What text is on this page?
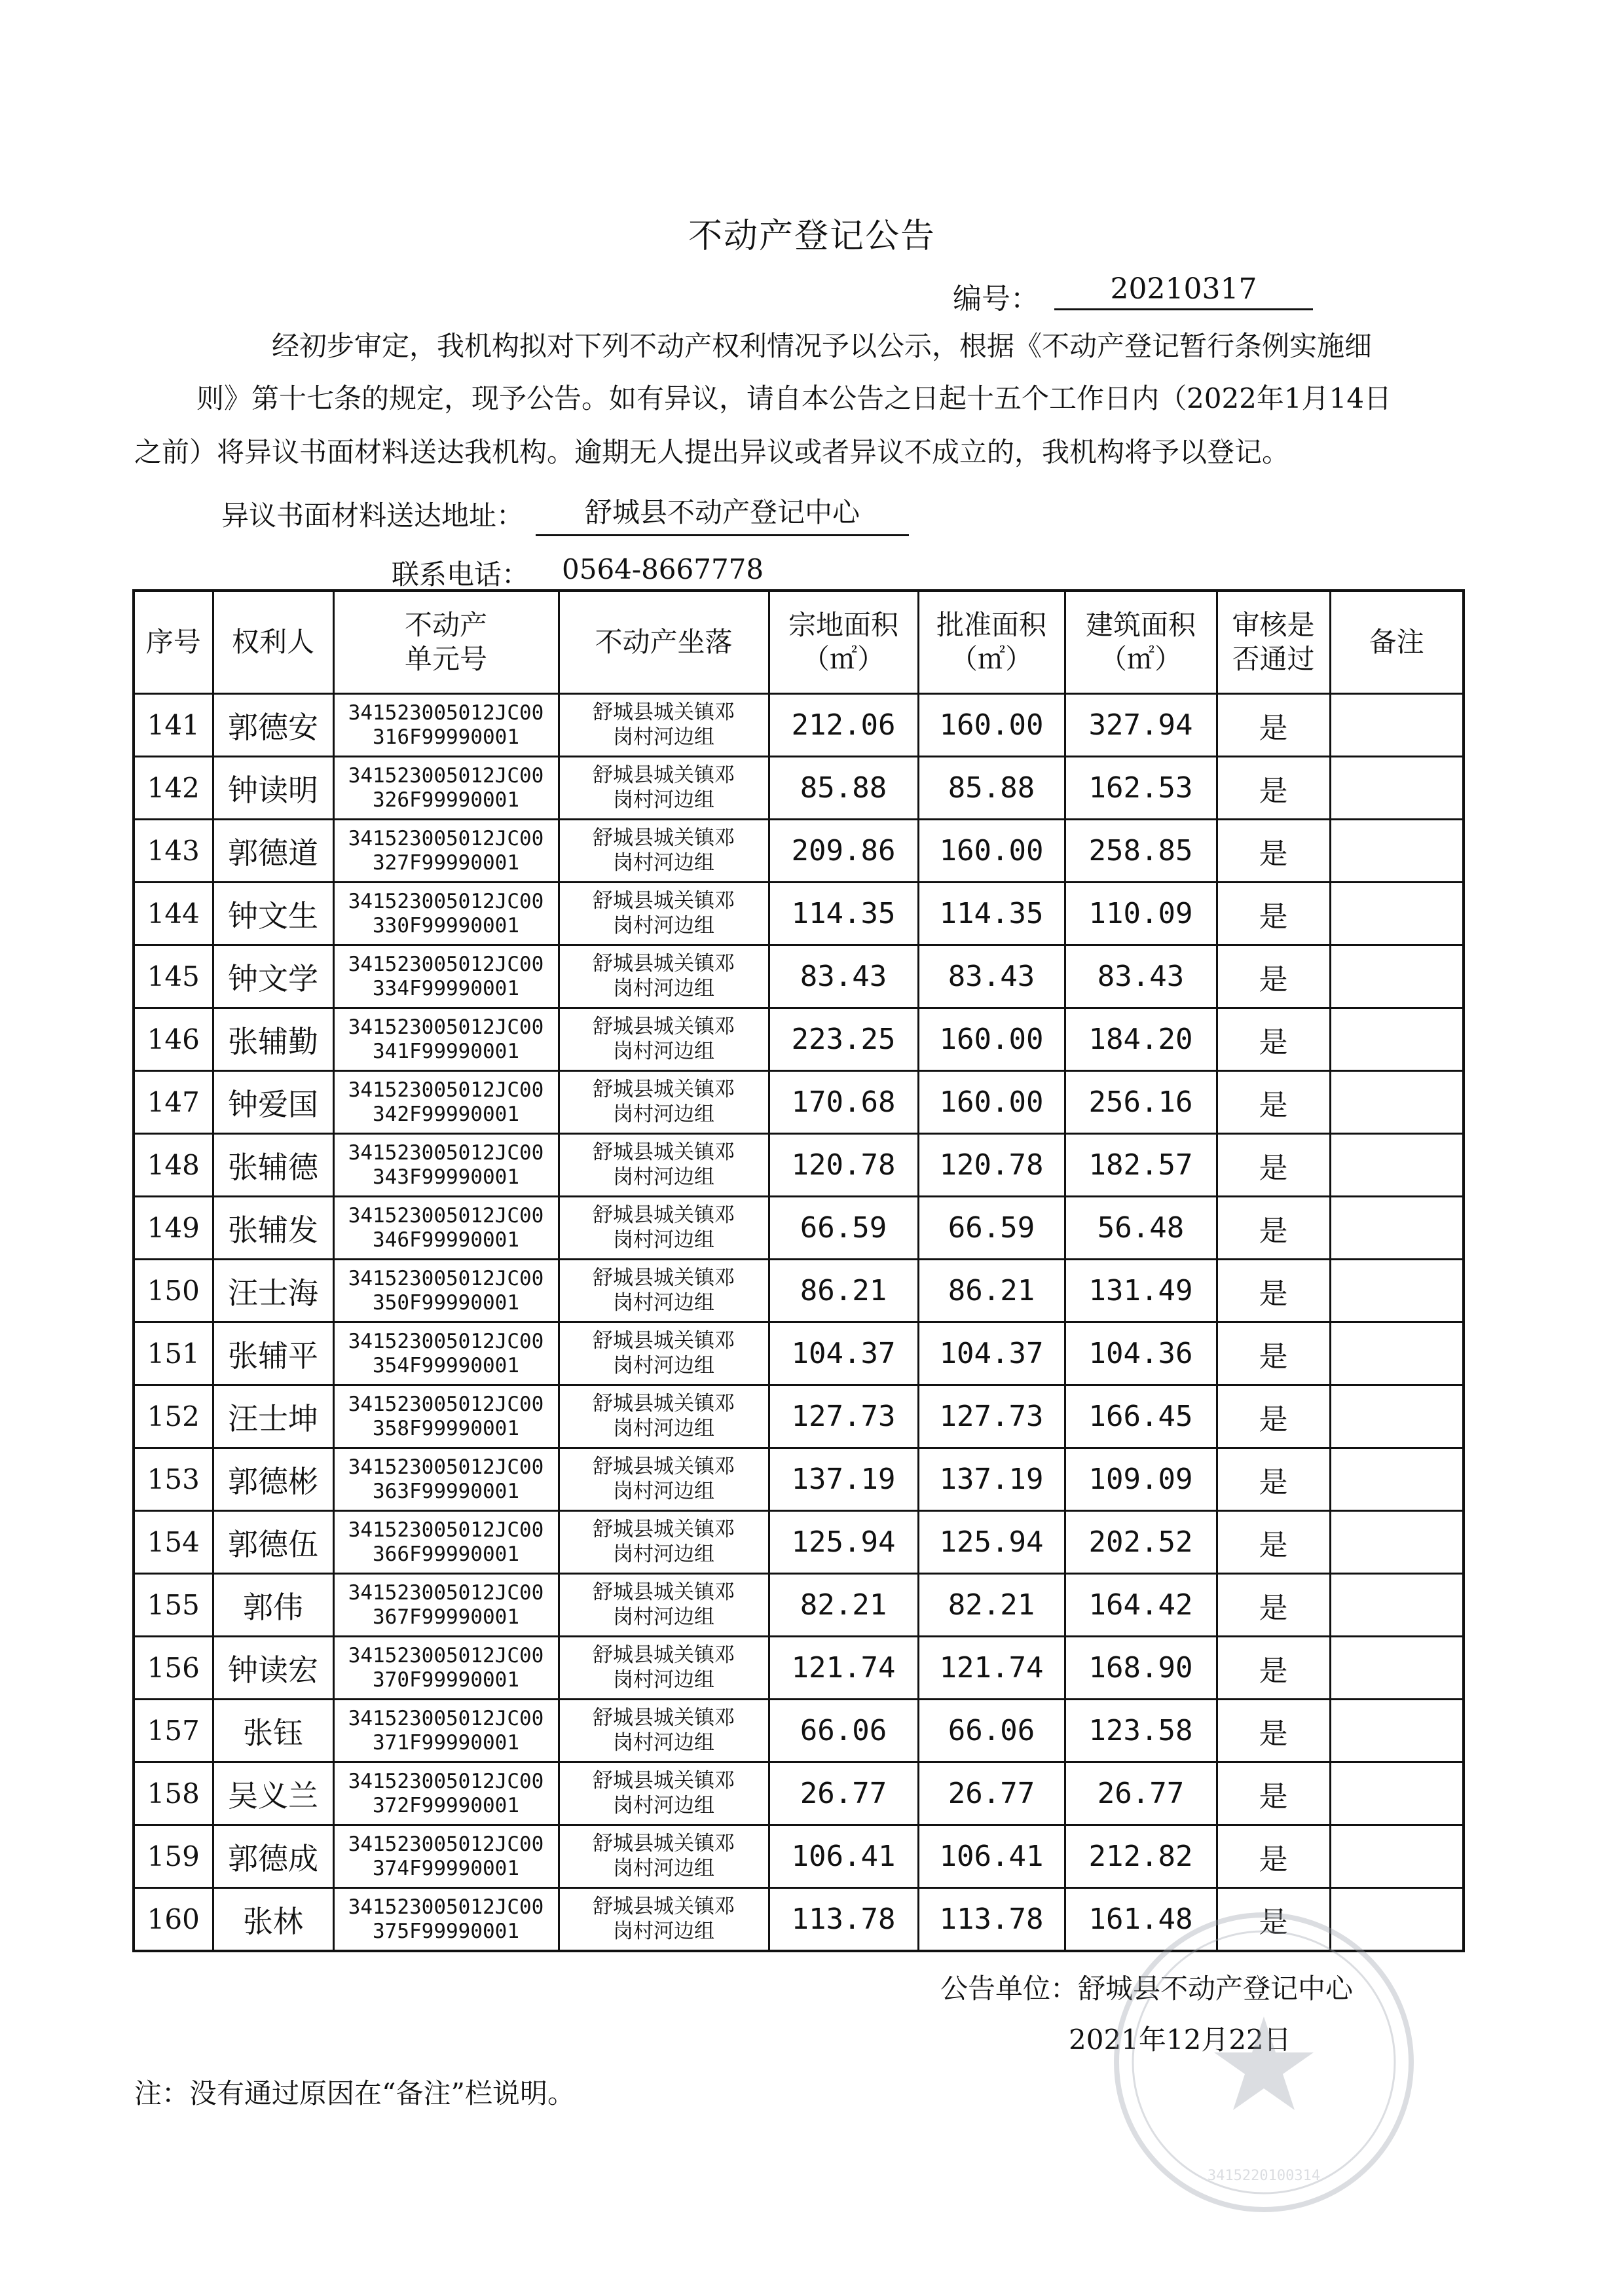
不动产登记公告
编号：	20210317
经初步审定，我机构拟对下列不动产权利情况予以公示，根据《不动产登记暂行条例实施细
则》第十七条的规定，现予公告。如有异议，请自本公告之日起十五个工作日内（2022年1月14日
之前）将异议书面材料送达我机构。逾期无人提出异议或者异议不成立的，我机构将予以登记。
异议书面材料送达地址：	舒城县不动产登记中心
联系电话： 0564-8667778
序号	权利人	不动产
单元号	不动产坐落	宗地面积
（㎡）	批准面积
（㎡）	建筑面积
（㎡）	审核是
否通过	备注
141	郭德安	341523005012JC00
316F99990001	舒城县城关镇邓
岗村河边组	212.06	160.00	327.94	是	
142	钟读明	341523005012JC00
326F99990001	舒城县城关镇邓
岗村河边组	85.88	85.88	162.53	是	
143	郭德道	341523005012JC00
327F99990001	舒城县城关镇邓
岗村河边组	209.86	160.00	258.85	是	
144	钟文生	341523005012JC00
330F99990001	舒城县城关镇邓
岗村河边组	114.35	114.35	110.09	是	
145	钟文学	341523005012JC00
334F99990001	舒城县城关镇邓
岗村河边组	83.43	83.43	83.43	是	
146	张辅勤	341523005012JC00
341F99990001	舒城县城关镇邓
岗村河边组	223.25	160.00	184.20	是	
147	钟爱国	341523005012JC00
342F99990001	舒城县城关镇邓
岗村河边组	170.68	160.00	256.16	是	
148	张辅德	341523005012JC00
343F99990001	舒城县城关镇邓
岗村河边组	120.78	120.78	182.57	是	
149	张辅发	341523005012JC00
346F99990001	舒城县城关镇邓
岗村河边组	66.59	66.59	56.48	是	
150	汪士海	341523005012JC00
350F99990001	舒城县城关镇邓
岗村河边组	86.21	86.21	131.49	是	
151	张辅平	341523005012JC00
354F99990001	舒城县城关镇邓
岗村河边组	104.37	104.37	104.36	是	
152	汪士坤	341523005012JC00
358F99990001	舒城县城关镇邓
岗村河边组	127.73	127.73	166.45	是	
153	郭德彬	341523005012JC00
363F99990001	舒城县城关镇邓
岗村河边组	137.19	137.19	109.09	是	
154	郭德伍	341523005012JC00
366F99990001	舒城县城关镇邓
岗村河边组	125.94	125.94	202.52	是	
155	郭伟	341523005012JC00
367F99990001	舒城县城关镇邓
岗村河边组	82.21	82.21	164.42	是	
156	钟读宏	341523005012JC00
370F99990001	舒城县城关镇邓
岗村河边组	121.74	121.74	168.90	是	
157	张钰	341523005012JC00
371F99990001	舒城县城关镇邓
岗村河边组	66.06	66.06	123.58	是	
158	吴义兰	341523005012JC00
372F99990001	舒城县城关镇邓
岗村河边组	26.77	26.77	26.77	是	
159	郭德成	341523005012JC00
374F99990001	舒城县城关镇邓
岗村河边组	106.41	106.41	212.82	是	
160	张林	341523005012JC00
375F99990001	舒城县城关镇邓
岗村河边组	113.78	113.78	161.48	是	
公告单位：舒城县不动产登记中心
2021年12月22日
注：没有通过原因在“备注”栏说明。
3415220100314
